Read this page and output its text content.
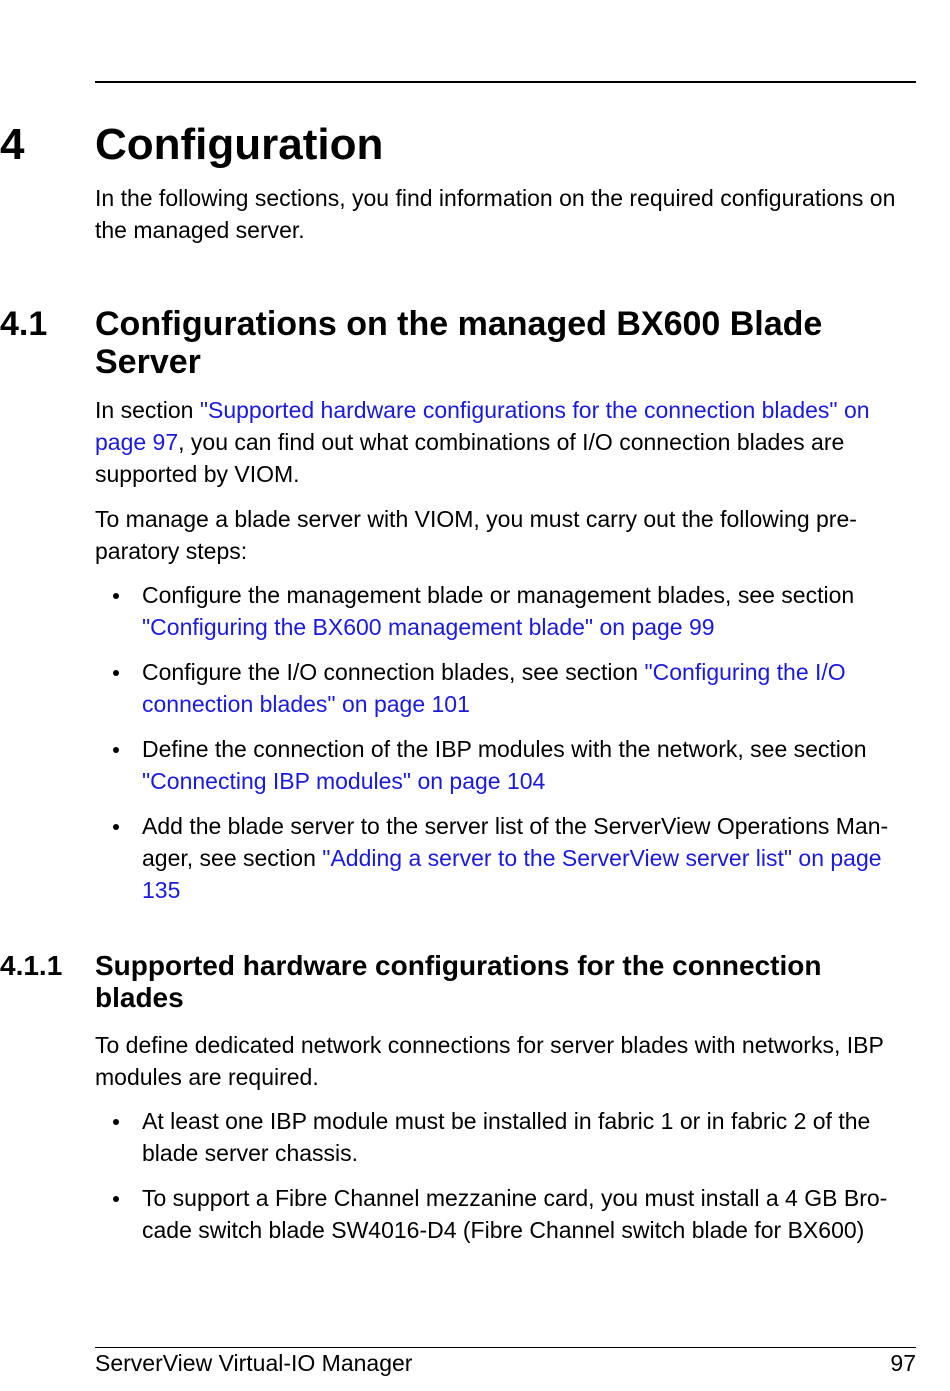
4 Configuration

In the following sections, you find information on the required configurations on the managed server.

4.1 Configurations on the managed BX600 Blade Server

In section "Supported hardware configurations for the connection blades" on page 97, you can find out what combinations of I/O connection blades are supported by VIOM.

To manage a blade server with VIOM, you must carry out the following pre-paratory steps:

Configure the management blade or management blades, see section "Configuring the BX600 management blade" on page 99
Configure the I/O connection blades, see section "Configuring the I/O connection blades" on page 101
Define the connection of the IBP modules with the network, see section "Connecting IBP modules" on page 104
Add the blade server to the server list of the ServerView Operations Man-ager, see section "Adding a server to the ServerView server list" on page 135
4.1.1 Supported hardware configurations for the connection blades

To define dedicated network connections for server blades with networks, IBP modules are required.

At least one IBP module must be installed in fabric 1 or in fabric 2 of the blade server chassis.
To support a Fibre Channel mezzanine card, you must install a 4 GB Bro-cade switch blade SW4016-D4 (Fibre Channel switch blade for BX600)
ServerView Virtual-IO Manager	97
